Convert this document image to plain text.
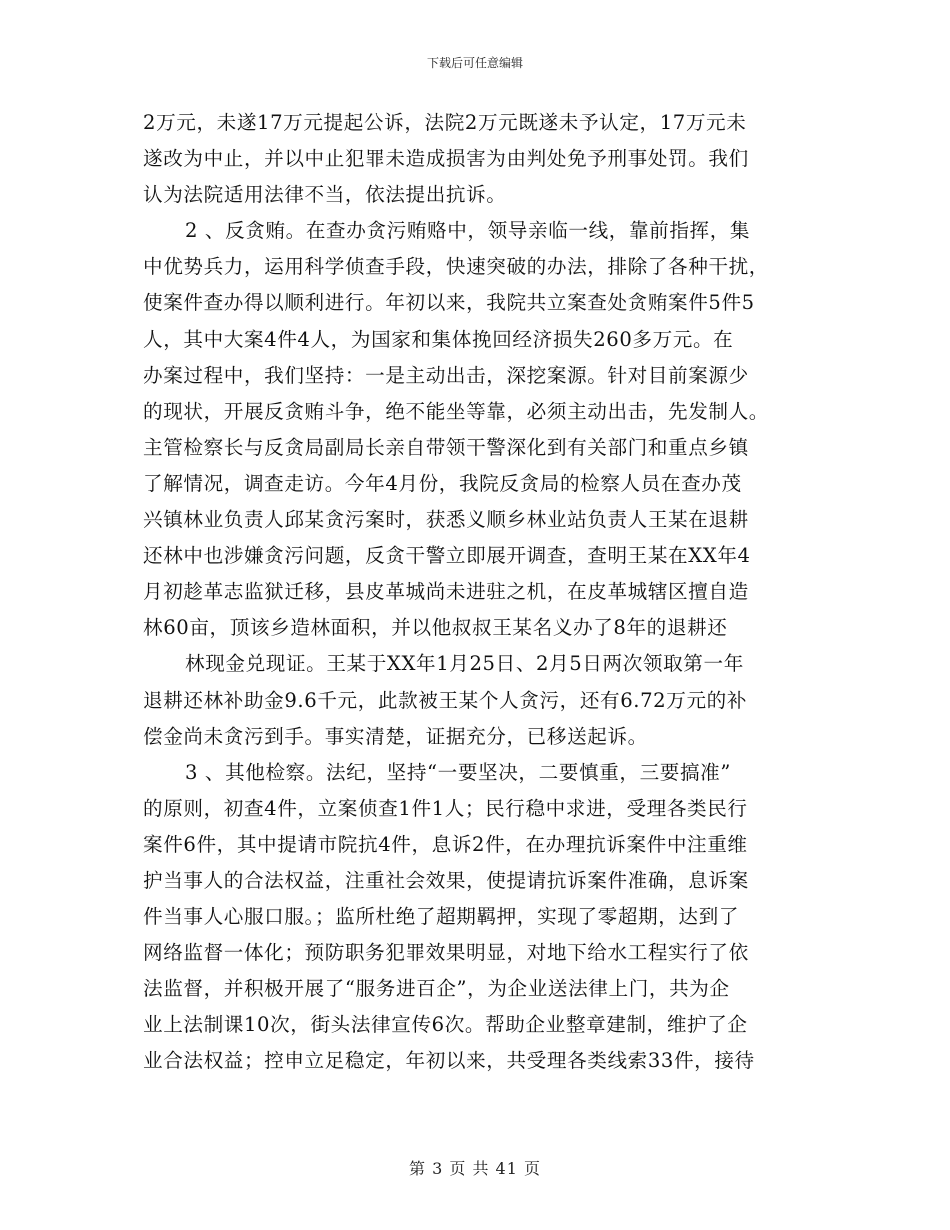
下载后可任意编辑
2万元，未遂17万元提起公诉，法院2万元既遂未予认定，17万元未
遂改为中止，并以中止犯罪未造成损害为由判处免予刑事处罚。我们
认为法院适用法律不当，依法提出抗诉。
2 、反贪贿。在查办贪污贿赂中，领导亲临一线，靠前指挥，集
中优势兵力，运用科学侦查手段，快速突破的办法，排除了各种干扰，
使案件查办得以顺利进行。年初以来，我院共立案查处贪贿案件5件5
人，其中大案4件4人，为国家和集体挽回经济损失260多万元。在
办案过程中，我们坚持：一是主动出击，深挖案源。针对目前案源少
的现状，开展反贪贿斗争，绝不能坐等靠，必须主动出击，先发制人。
主管检察长与反贪局副局长亲自带领干警深化到有关部门和重点乡镇
了解情况，调查走访。今年4月份，我院反贪局的检察人员在查办茂
兴镇林业负责人邱某贪污案时，获悉义顺乡林业站负责人王某在退耕
还林中也涉嫌贪污问题，反贪干警立即展开调查，查明王某在XX年4
月初趁革志监狱迁移，县皮革城尚未进驻之机，在皮革城辖区擅自造
林60亩，顶该乡造林面积，并以他叔叔王某名义办了8年的退耕还
林现金兑现证。王某于XX年1月25日、2月5日两次领取第一年
退耕还林补助金9.6千元，此款被王某个人贪污，还有6.72万元的补
偿金尚未贪污到手。事实清楚，证据充分，已移送起诉。
3 、其他检察。法纪，坚持“一要坚决，二要慎重，三要搞准”
的原则，初查4件，立案侦查1件1人；民行稳中求进，受理各类民行
案件6件，其中提请市院抗4件，息诉2件，在办理抗诉案件中注重维
护当事人的合法权益，注重社会效果，使提请抗诉案件准确，息诉案
件当事人心服口服。；监所杜绝了超期羁押，实现了零超期，达到了
网络监督一体化；预防职务犯罪效果明显，对地下给水工程实行了依
法监督，并积极开展了“服务进百企”，为企业送法律上门，共为企
业上法制课10次，街头法律宣传6次。帮助企业整章建制，维护了企
业合法权益；控申立足稳定，年初以来，共受理各类线索33件，接待
第 3 页 共 41 页
